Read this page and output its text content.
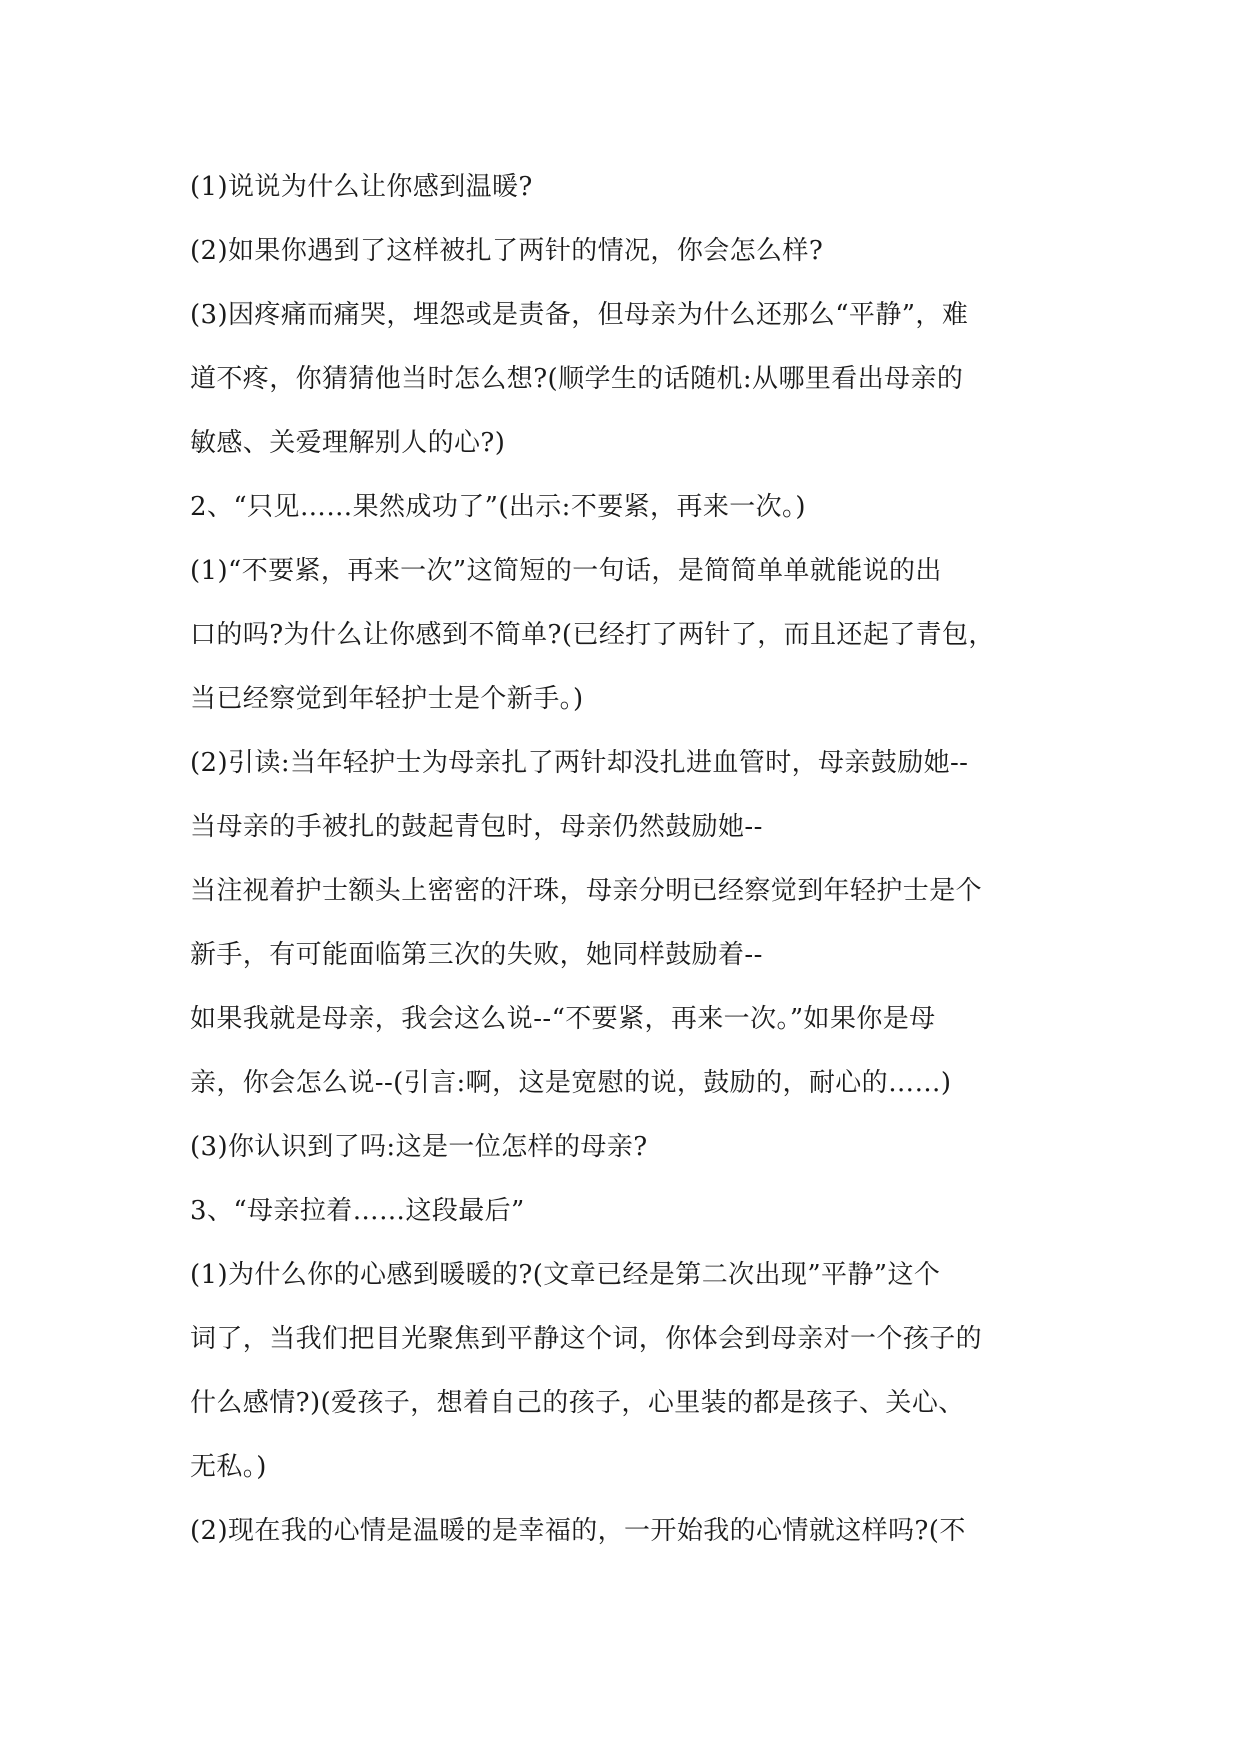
(1)说说为什么让你感到温暖?
(2)如果你遇到了这样被扎了两针的情况，你会怎么样?
(3)因疼痛而痛哭，埋怨或是责备，但母亲为什么还那么“平静”，难
道不疼，你猜猜他当时怎么想?(顺学生的话随机:从哪里看出母亲的
敏感、关爱理解别人的心?)
2、“只见……果然成功了”(出示:不要紧，再来一次。)
(1)“不要紧，再来一次”这简短的一句话，是简简单单就能说的出
口的吗?为什么让你感到不简单?(已经打了两针了，而且还起了青包，
当已经察觉到年轻护士是个新手。)
(2)引读:当年轻护士为母亲扎了两针却没扎进血管时，母亲鼓励她--
当母亲的手被扎的鼓起青包时，母亲仍然鼓励她--
当注视着护士额头上密密的汗珠，母亲分明已经察觉到年轻护士是个
新手，有可能面临第三次的失败，她同样鼓励着--
如果我就是母亲，我会这么说--“不要紧，再来一次。”如果你是母
亲，你会怎么说--(引言:啊，这是宽慰的说，鼓励的，耐心的……)
(3)你认识到了吗:这是一位怎样的母亲?
3、“母亲拉着……这段最后”
(1)为什么你的心感到暖暖的?(文章已经是第二次出现”平静”这个
词了，当我们把目光聚焦到平静这个词，你体会到母亲对一个孩子的
什么感情?)(爱孩子，想着自己的孩子，心里装的都是孩子、关心、
无私。)
(2)现在我的心情是温暖的是幸福的，一开始我的心情就这样吗?(不
